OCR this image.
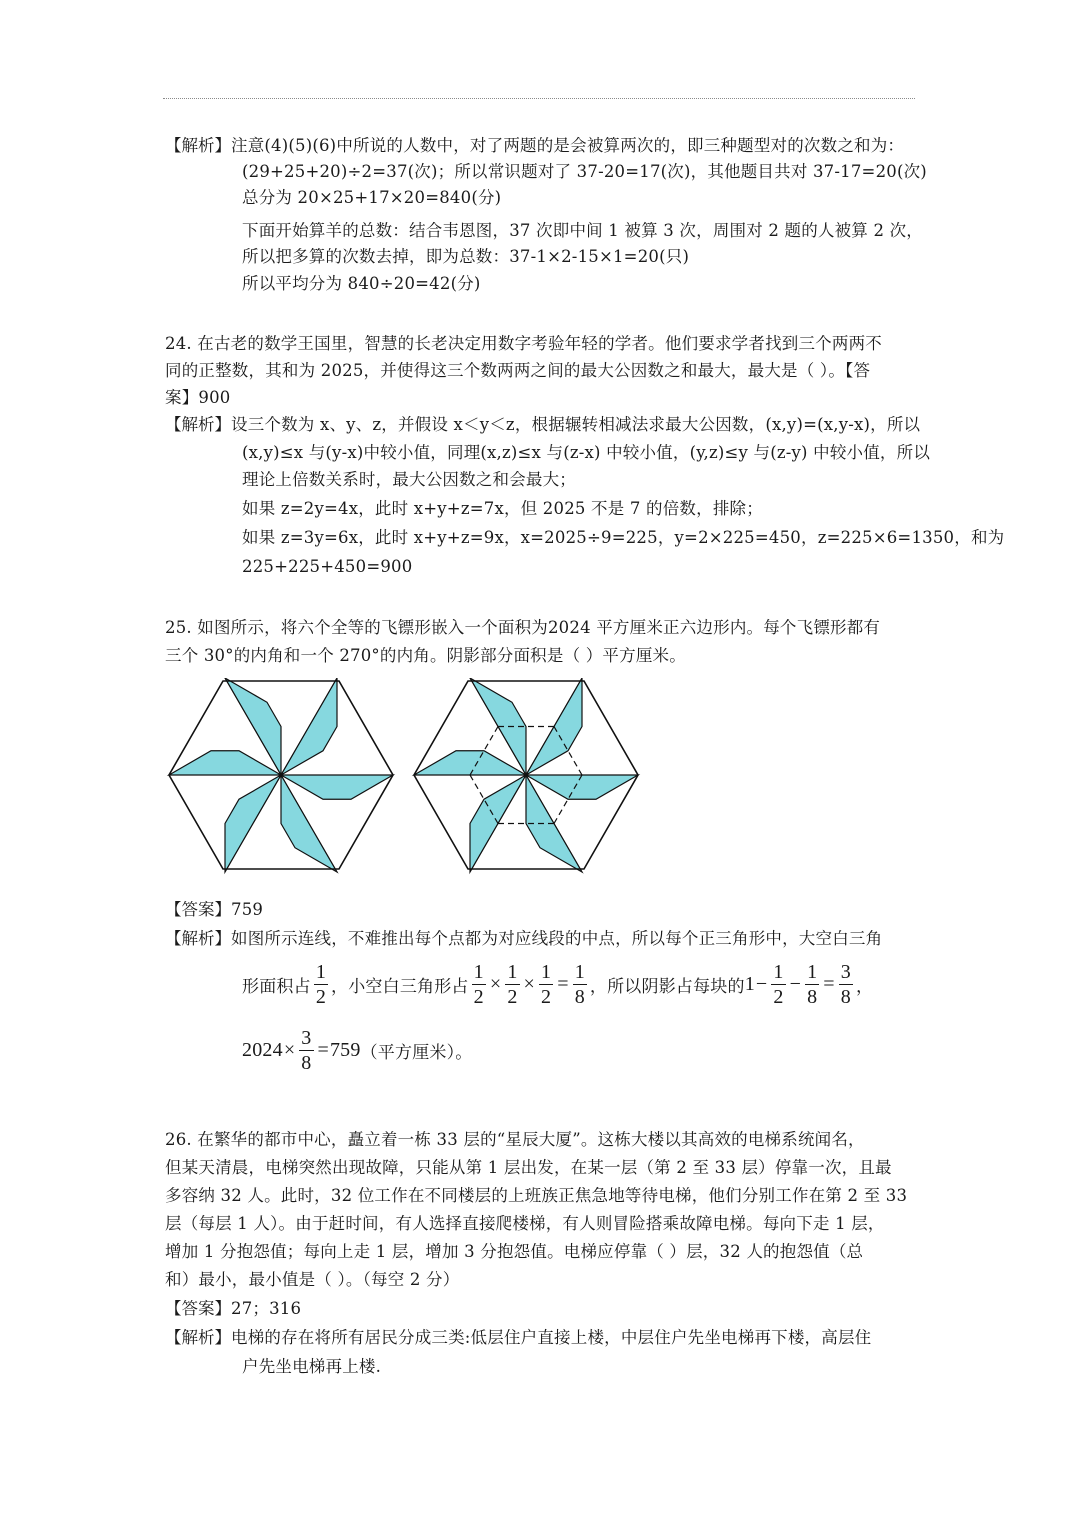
【解析】注意(4)(5)(6)中所说的人数中，对了两题的是会被算两次的，即三种题型对的次数之和为：
(29+25+20)÷2=37(次)；所以常识题对了 37-20=17(次)，其他题目共对 37-17=20(次)
总分为 20×25+17×20=840(分)
下面开始算羊的总数：结合韦恩图，37 次即中间 1 被算 3 次，周围对 2 题的人被算 2 次，
所以把多算的次数去掉，即为总数：37-1×2-15×1=20(只)
所以平均分为 840÷20=42(分)
24. 在古老的数学王国里，智慧的长老决定用数字考验年轻的学者。他们要求学者找到三个两两不
同的正整数，其和为 2025，并使得这三个数两两之间的最大公因数之和最大，最大是（ ）。【答
案】900
【解析】设三个数为 x、y、z，并假设 x＜y＜z，根据辗转相减法求最大公因数，(x,y)=(x,y-x)，所以
(x,y)≤x 与(y-x)中较小值，同理(x,z)≤x 与(z-x) 中较小值，(y,z)≤y 与(z-y) 中较小值，所以
理论上倍数关系时，最大公因数之和会最大；
如果 z=2y=4x，此时 x+y+z=7x，但 2025 不是 7 的倍数，排除；
如果 z=3y=6x，此时 x+y+z=9x，x=2025÷9=225，y=2×225=450，z=225×6=1350，和为
225+225+450=900
25. 如图所示，将六个全等的飞镖形嵌入一个面积为2024 平方厘米正六边形内。每个飞镖形都有
三个 30°的内角和一个 270°的内角。阴影部分面积是（ ）平方厘米。
【答案】759
【解析】如图所示连线，不难推出每个点都为对应线段的中点，所以每个正三角形中，大空白三角
形面积占 $\frac{1}{2}$ ，小空白三角形占 $\frac{1}{2} \times \frac{1}{2} \times \frac{1}{2} = \frac{1}{8}$ ，所以阴影占每块的 $1 - \frac{1}{2} - \frac{1}{8} = \frac{3}{8}$ ，
$2024 \times \frac{3}{8} = 759$ （平方厘米）。
26. 在繁华的都市中心，矗立着一栋 33 层的“星辰大厦”。这栋大楼以其高效的电梯系统闻名，
但某天清晨，电梯突然出现故障，只能从第 1 层出发，在某一层（第 2 至 33 层）停靠一次，且最
多容纳 32 人。此时，32 位工作在不同楼层的上班族正焦急地等待电梯，他们分别工作在第 2 至 33
层（每层 1 人）。由于赶时间，有人选择直接爬楼梯，有人则冒险搭乘故障电梯。每向下走 1 层，
增加 1 分抱怨值；每向上走 1 层，增加 3 分抱怨值。电梯应停靠（ ）层，32 人的抱怨值（总
和）最小，最小值是（ ）。（每空 2 分）
【答案】27；316
【解析】电梯的存在将所有居民分成三类:低层住户直接上楼，中层住户先坐电梯再下楼，高层住
户先坐电梯再上楼.
